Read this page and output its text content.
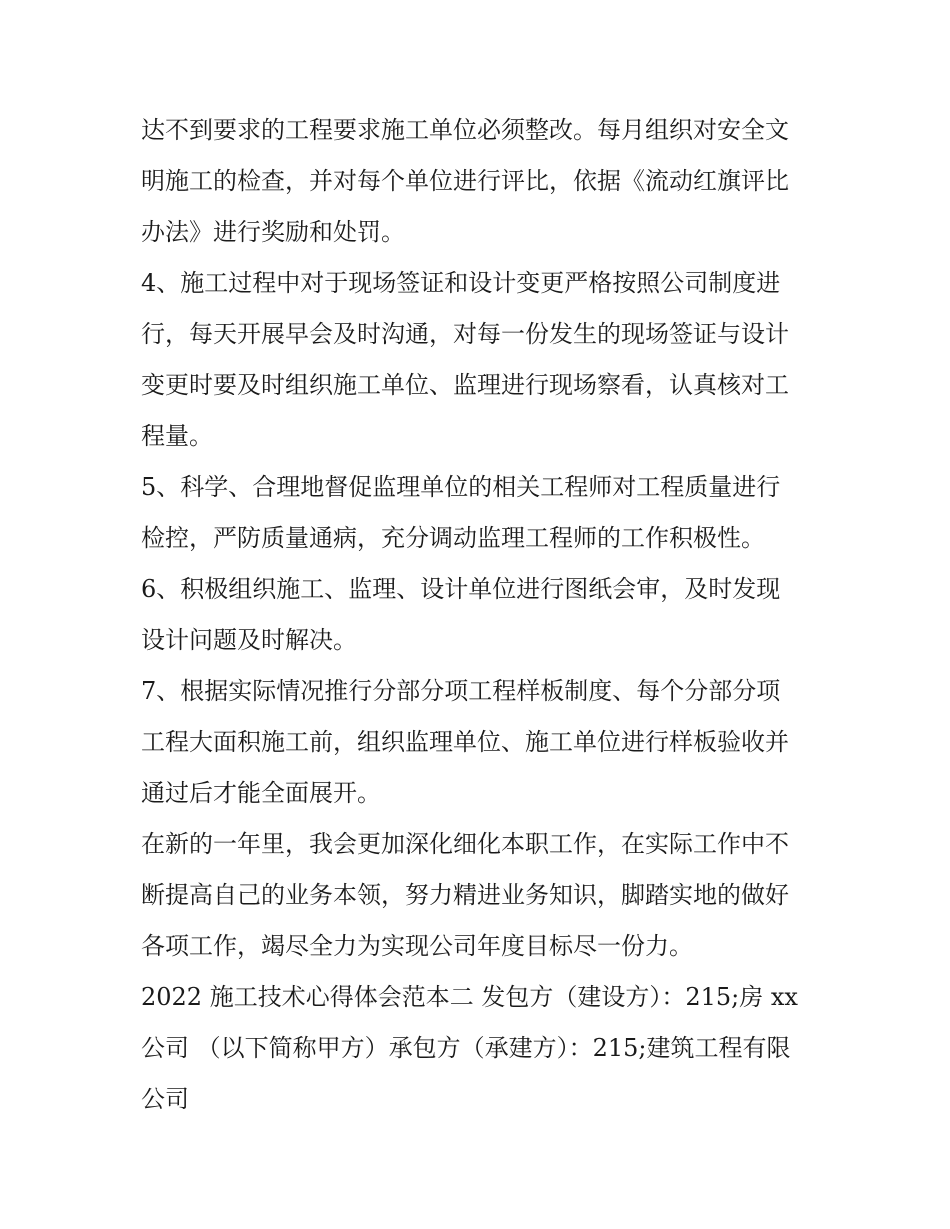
达不到要求的工程要求施工单位必须整改。每月组织对安全文
明施工的检查，并对每个单位进行评比，依据《流动红旗评比
办法》进行奖励和处罚。
4、施工过程中对于现场签证和设计变更严格按照公司制度进
行，每天开展早会及时沟通，对每一份发生的现场签证与设计
变更时要及时组织施工单位、监理进行现场察看，认真核对工
程量。
5、科学、合理地督促监理单位的相关工程师对工程质量进行
检控，严防质量通病，充分调动监理工程师的工作积极性。
6、积极组织施工、监理、设计单位进行图纸会审，及时发现
设计问题及时解决。
7、根据实际情况推行分部分项工程样板制度、每个分部分项
工程大面积施工前，组织监理单位、施工单位进行样板验收并
通过后才能全面展开。
在新的一年里，我会更加深化细化本职工作，在实际工作中不
断提高自己的业务本领，努力精进业务知识，脚踏实地的做好
各项工作，竭尽全力为实现公司年度目标尽一份力。
2022 施工技术心得体会范本二 发包方（建设方）：215;房 xx
公司 （以下简称甲方）承包方（承建方）：215;建筑工程有限
公司
